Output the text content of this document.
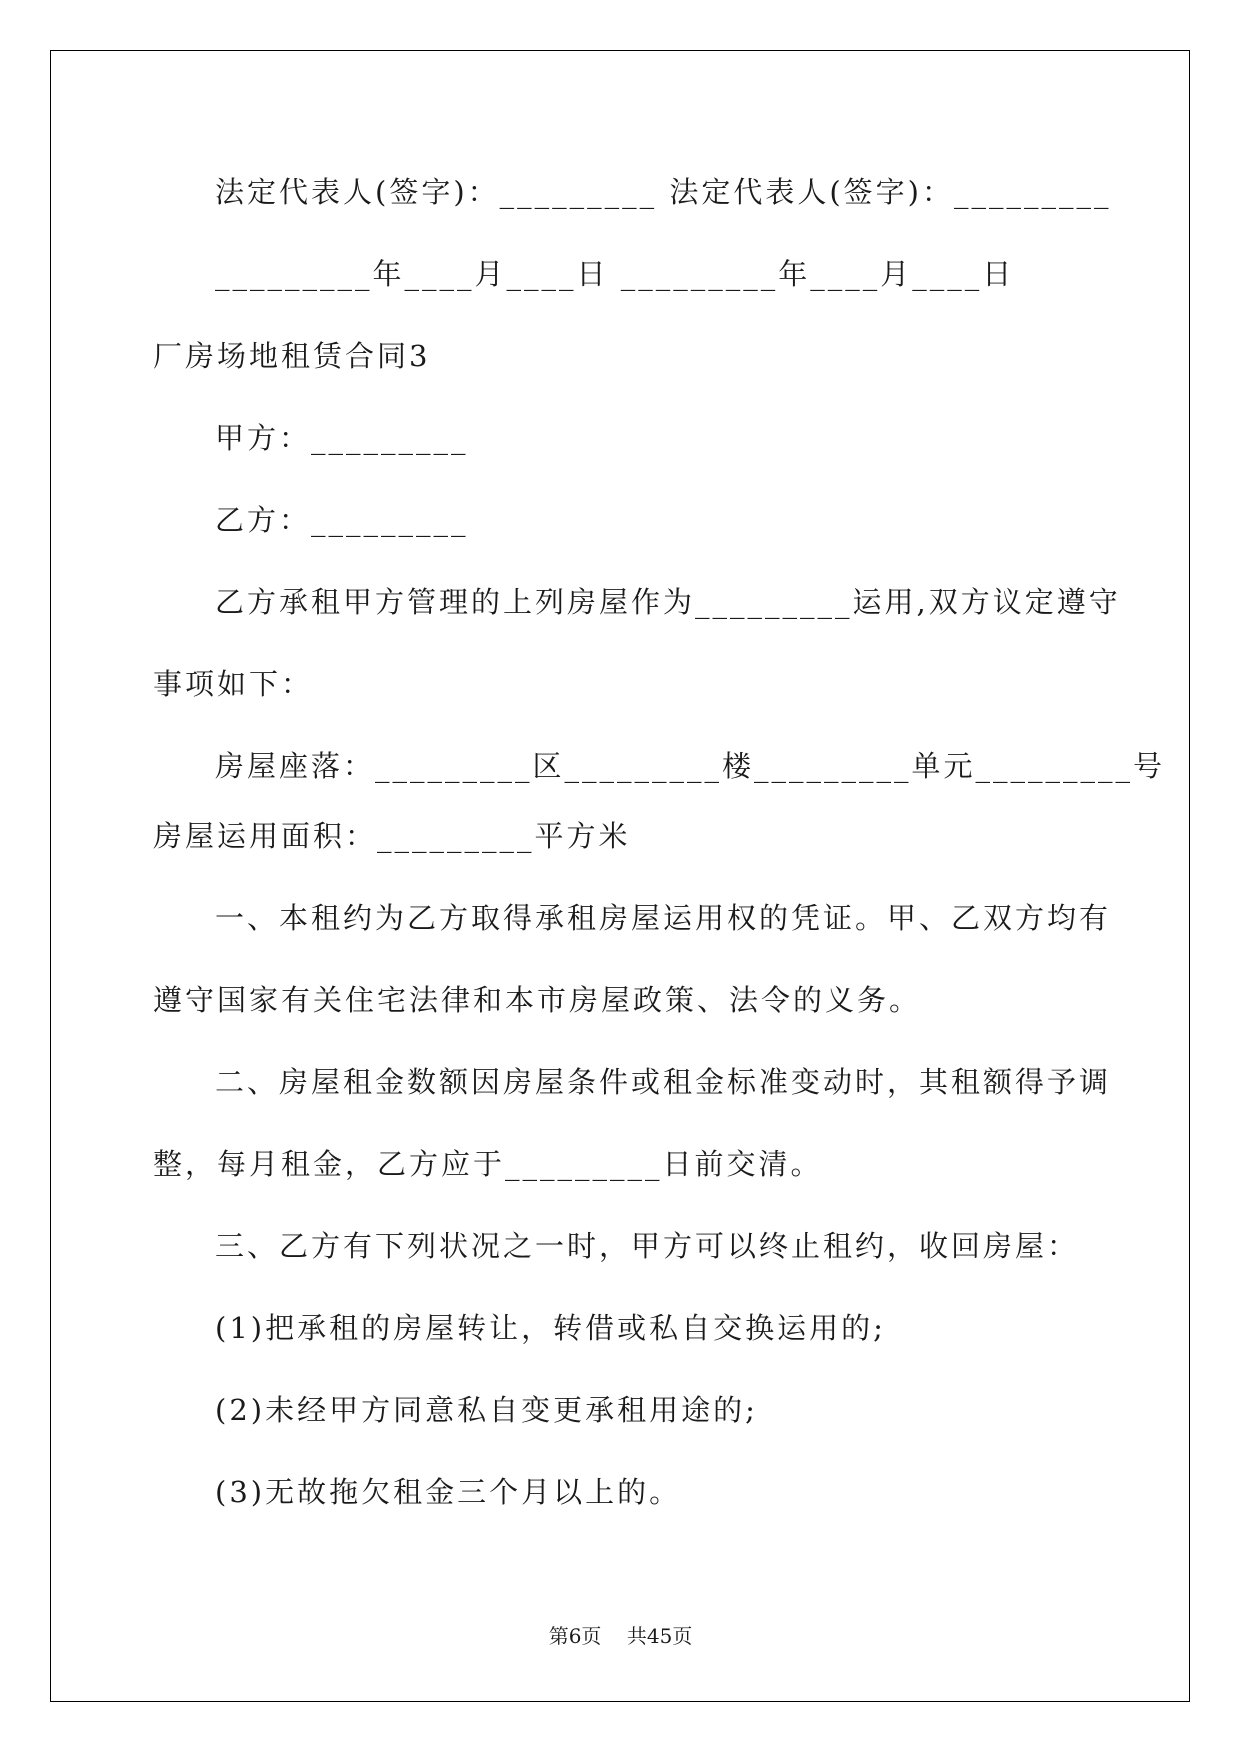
法定代表人(签字)：_________ 法定代表人(签字)：_________
_________年____月____日 _________年____月____日
厂房场地租赁合同3
甲方：_________
乙方：_________
乙方承租甲方管理的上列房屋作为_________运用,双方议定遵守
事项如下：
房屋座落：_________区_________楼_________单元_________号
房屋运用面积：_________平方米
一、本租约为乙方取得承租房屋运用权的凭证。甲、乙双方均有
遵守国家有关住宅法律和本市房屋政策、法令的义务。
二、房屋租金数额因房屋条件或租金标准变动时，其租额得予调
整，每月租金，乙方应于_________日前交清。
三、乙方有下列状况之一时，甲方可以终止租约，收回房屋：
(1)把承租的房屋转让，转借或私自交换运用的;
(2)未经甲方同意私自变更承租用途的;
(3)无故拖欠租金三个月以上的。
第6页 共45页
